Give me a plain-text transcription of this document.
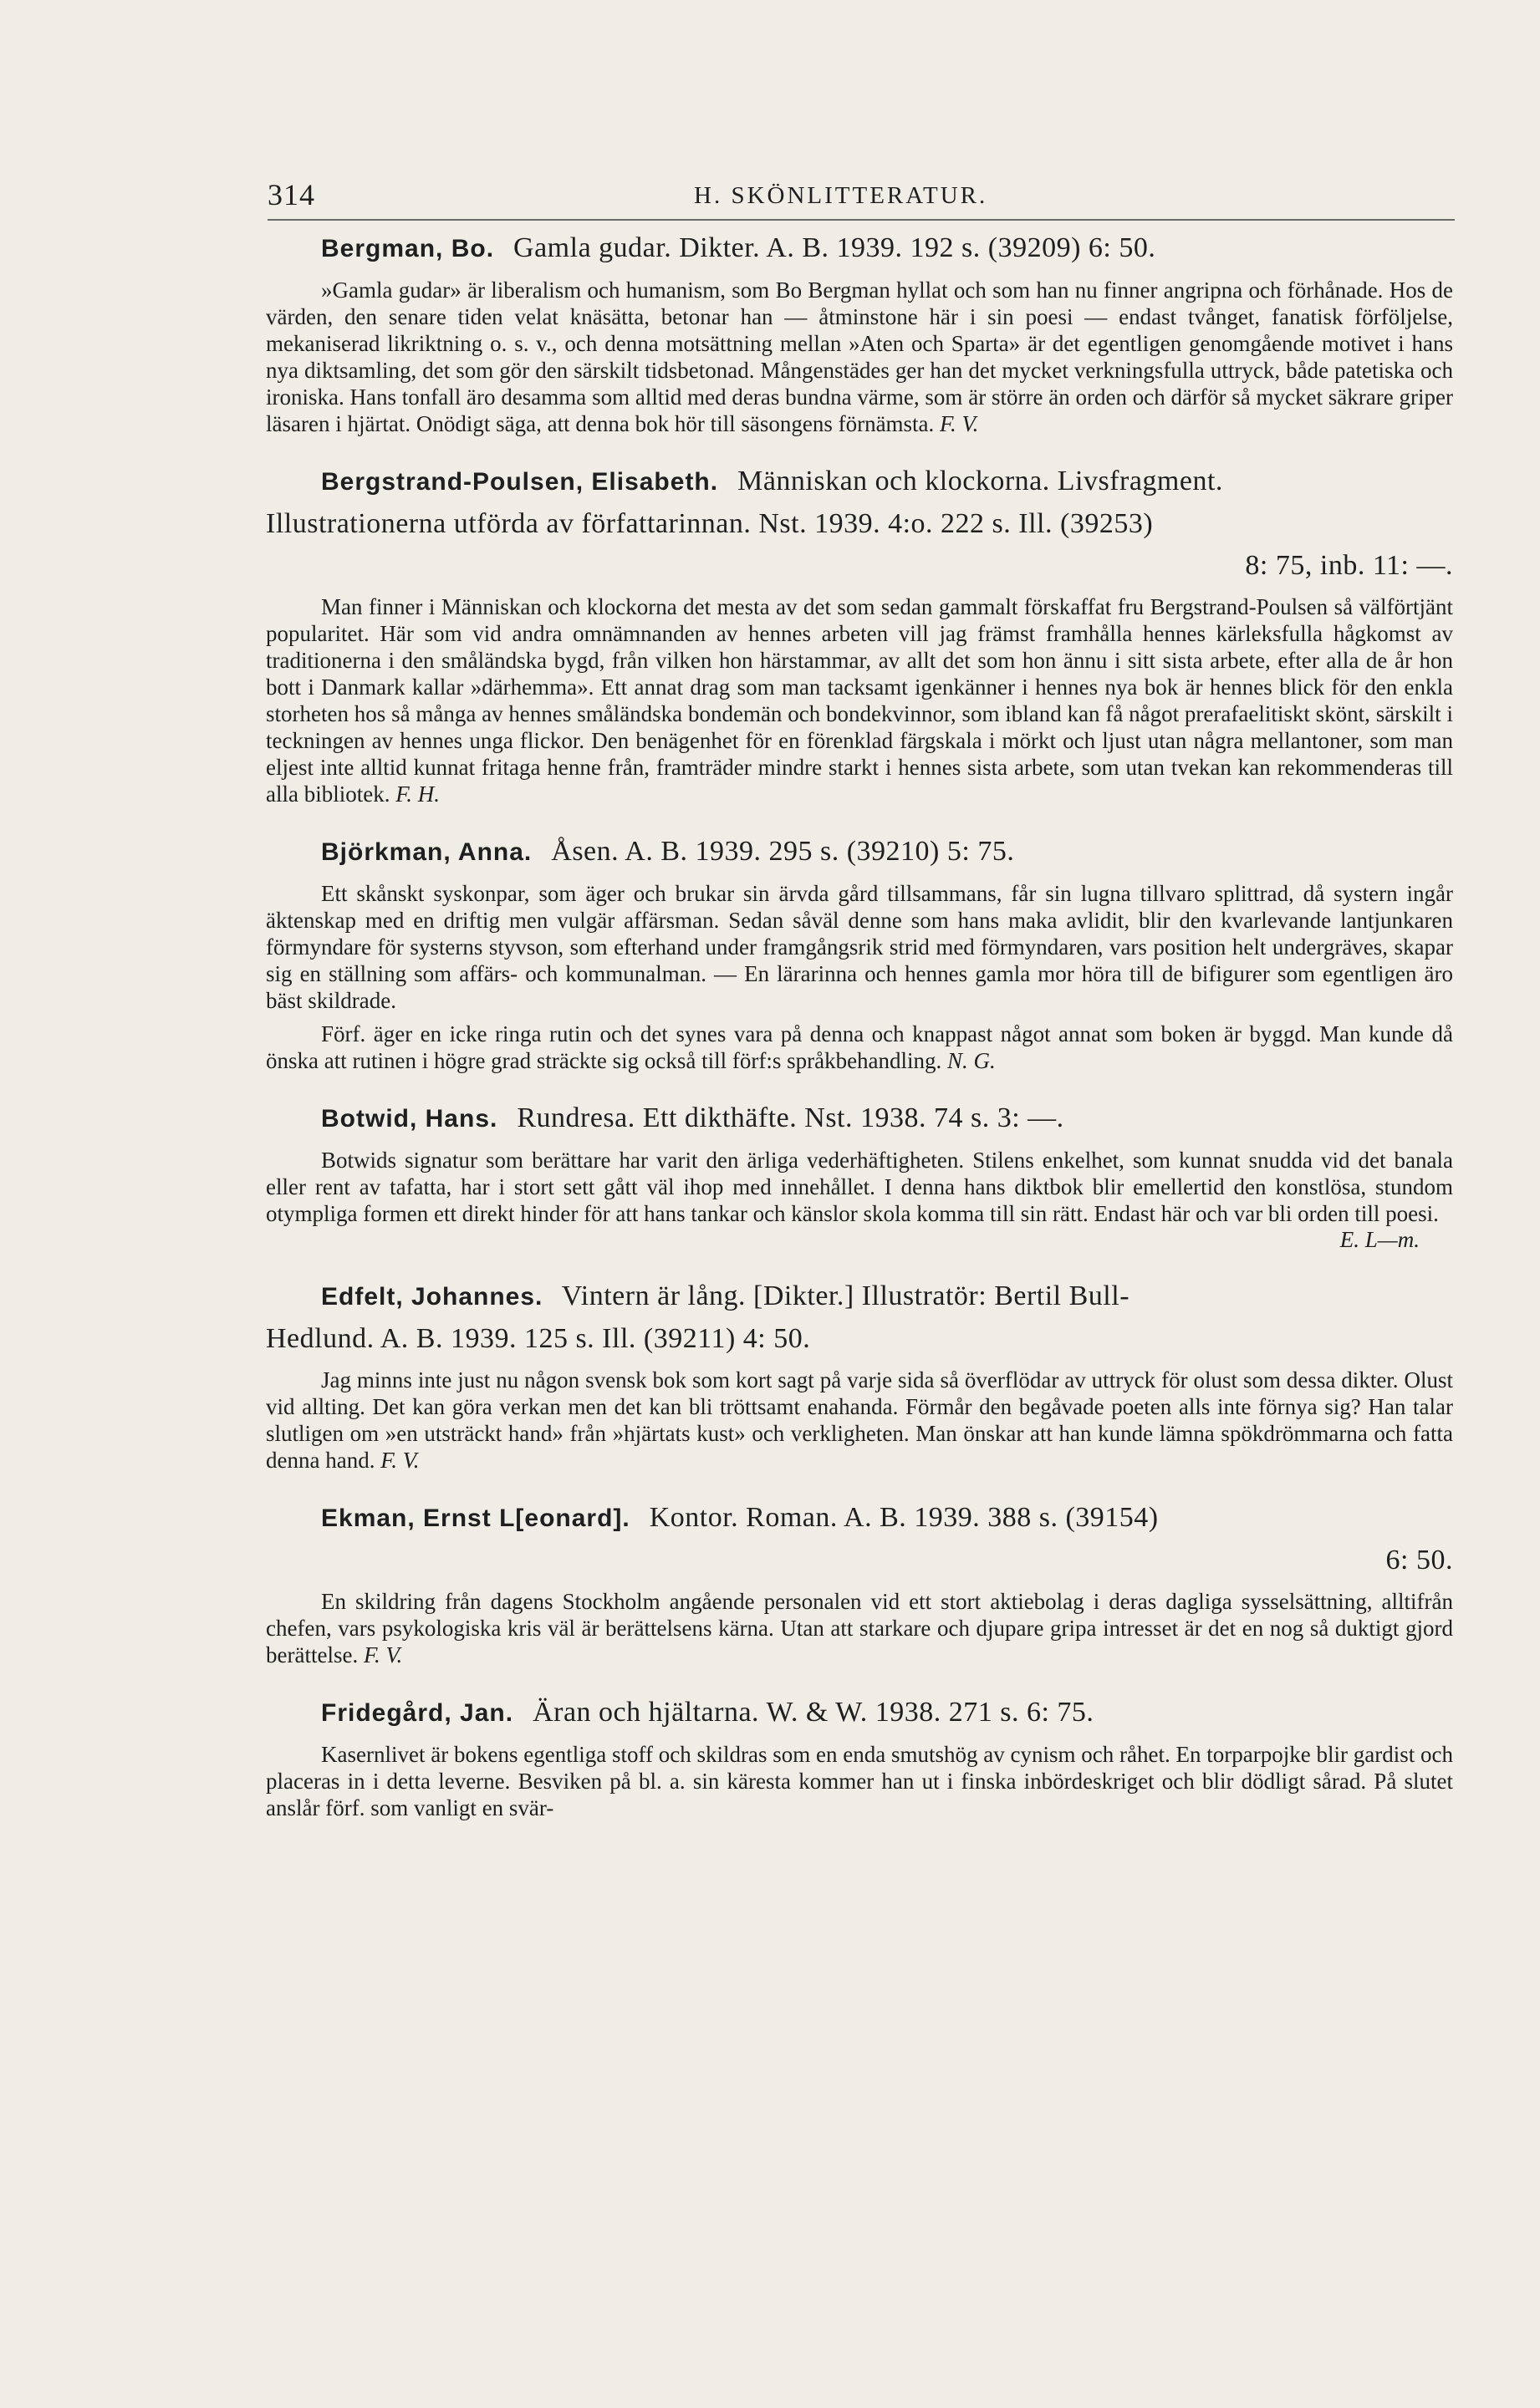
314	H. SKÖNLITTERATUR.

Bergman, Bo. Gamla gudar. Dikter. A. B. 1939. 192 s. (39209) 6: 50.

»Gamla gudar» är liberalism och humanism, som Bo Bergman hyllat och som han nu finner angripna och förhånade. Hos de värden, den senare tiden velat knäsätta, betonar han — åtminstone här i sin poesi — endast tvånget, fanatisk förföljelse, mekaniserad likriktning o. s. v., och denna motsättning mellan »Aten och Sparta» är det egentligen genomgående motivet i hans nya diktsamling, det som gör den särskilt tidsbetonad. Mångenstädes ger han det mycket verkningsfulla uttryck, både patetiska och ironiska. Hans tonfall äro desamma som alltid med deras bundna värme, som är större än orden och därför så mycket säkrare griper läsaren i hjärtat. Onödigt säga, att denna bok hör till säsongens förnämsta. F. V.

Bergstrand-Poulsen, Elisabeth. Människan och klockorna. Livsfragment.
Illustrationerna utförda av författarinnan. Nst. 1939. 4:o. 222 s. Ill. (39253)
8: 75, inb. 11: —.

Man finner i Människan och klockorna det mesta av det som sedan gammalt förskaffat fru Bergstrand-Poulsen så välförtjänt popularitet. Här som vid andra omnämnanden av hennes arbeten vill jag främst framhålla hennes kärleksfulla hågkomst av traditionerna i den småländska bygd, från vilken hon härstammar, av allt det som hon ännu i sitt sista arbete, efter alla de år hon bott i Danmark kallar »därhemma». Ett annat drag som man tacksamt igenkänner i hennes nya bok är hennes blick för den enkla storheten hos så många av hennes småländska bondemän och bondekvinnor, som ibland kan få något prerafaelitiskt skönt, särskilt i teckningen av hennes unga flickor. Den benägenhet för en förenklad färgskala i mörkt och ljust utan några mellantoner, som man eljest inte alltid kunnat fritaga henne från, framträder mindre starkt i hennes sista arbete, som utan tvekan kan rekommenderas till alla bibliotek. F. H.

Björkman, Anna. Åsen. A. B. 1939. 295 s. (39210) 5: 75.

Ett skånskt syskonpar, som äger och brukar sin ärvda gård tillsammans, får sin lugna tillvaro splittrad, då systern ingår äktenskap med en driftig men vulgär affärsman. Sedan såväl denne som hans maka avlidit, blir den kvarlevande lantjunkaren förmyndare för systerns styvson, som efterhand under framgångsrik strid med förmyndaren, vars position helt undergräves, skapar sig en ställning som affärs- och kommunalman. — En lärarinna och hennes gamla mor höra till de bifigurer som egentligen äro bäst skildrade.

Förf. äger en icke ringa rutin och det synes vara på denna och knappast något annat som boken är byggd. Man kunde då önska att rutinen i högre grad sträckte sig också till förf:s språkbehandling. N. G.

Botwid, Hans. Rundresa. Ett dikthäfte. Nst. 1938. 74 s. 3: —.

Botwids signatur som berättare har varit den ärliga vederhäftigheten. Stilens enkelhet, som kunnat snudda vid det banala eller rent av tafatta, har i stort sett gått väl ihop med innehållet. I denna hans diktbok blir emellertid den konstlösa, stundom otympliga formen ett direkt hinder för att hans tankar och känslor skola komma till sin rätt. Endast här och var bli orden till poesi.

E. L—m.

Edfelt, Johannes. Vintern är lång. [Dikter.] Illustratör: Bertil Bull-
Hedlund. A. B. 1939. 125 s. Ill. (39211) 4: 50.

Jag minns inte just nu någon svensk bok som kort sagt på varje sida så överflödar av uttryck för olust som dessa dikter. Olust vid allting. Det kan göra verkan men det kan bli tröttsamt enahanda. Förmår den begåvade poeten alls inte förnya sig? Han talar slutligen om »en utsträckt hand» från »hjärtats kust» och verkligheten. Man önskar att han kunde lämna spökdrömmarna och fatta denna hand. F. V.

Ekman, Ernst L[eonard]. Kontor. Roman. A. B. 1939. 388 s. (39154)
6: 50.

En skildring från dagens Stockholm angående personalen vid ett stort aktiebolag i deras dagliga sysselsättning, alltifrån chefen, vars psykologiska kris väl är berättelsens kärna. Utan att starkare och djupare gripa intresset är det en nog så duktigt gjord berättelse. F. V.

Fridegård, Jan. Äran och hjältarna. W. & W. 1938. 271 s. 6: 75.

Kasernlivet är bokens egentliga stoff och skildras som en enda smutshög av cynism och råhet. En torparpojke blir gardist och placeras in i detta leverne. Besviken på bl. a. sin käresta kommer han ut i finska inbördeskriget och blir dödligt sårad. På slutet anslår förf. som vanligt en svär-
